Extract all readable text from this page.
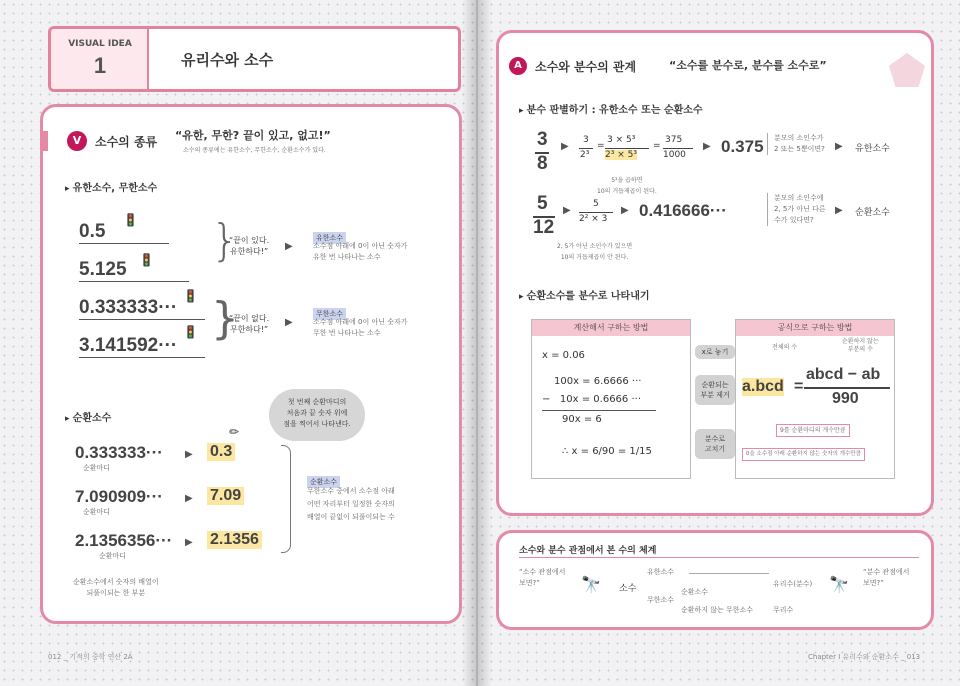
VISUAL IDEA
1	유리수와 소수
V	소수의 종류 “유한, 무한? 끝이 있고, 없고!”
소수의 종류에는 유한소수, 무한소수, 순환소수가 있다.
▸ 유한소수, 무한소수
0.5
5.125
🚦
🚦 }
“끝이 있다.
유한하다!” ▶
유한소수
소수점 아래에 0이 아닌 숫자가
유한 번 나타나는 소수
0.333333···
3.141592···
🚦
🚦 }
“끝이 없다.
무한하다!”
▶
무한소수
소수점 아래에 0이 아닌 숫자가
무한 번 나타나는 소수
▸ 순환소수
첫 번째 순환마디의
처음과 끝 숫자 위에
점을 찍어서 나타낸다.
✏
0.333333···
순환마디
7.090909···
순환마디
2.1356356···
순환마디
순환소수에서 숫자의 배열이
되풀이되는 한 부분
▶
▶
▶
0.3
7.09
2.1356
순환소수
무한소수 중에서 소수점 아래
어떤 자리부터 일정한 숫자의
배열이 끝없이 되풀이되는 수
012 _ 기적의 중학 연산 2A
A	소수와 분수의 관계	“소수를 분수로, 분수를 소수로”
▸ 분수 판별하기 : 유한소수 또는 순환소수
3
8
▶
3
2³
=
3 × 5³
2³ × 5³
=
375
1000
▶ 0.375	분모의 소인수가
2 또는 5뿐이면? ▶ 유한소수
5³을 곱하면
10의 거듭제곱이 된다.
5
12
▶
5
2² × 3
▶ 0.416666···
분모의 소인수에
2, 5가 아닌 다른
수가 있다면?
▶ 순환소수
2, 5가 아닌 소인수가 있으면
10의 거듭제곱이 안 된다.
▸ 순환소수를 분수로 나타내기
계산해서 구하는 방법
x = 0.06
100x = 6.6666 ···
−   10x = 0.6666 ···
90x = 6
∴ x = 6/90 = 1/15
x로 놓기
순환되는
부분 제거
분수로
고치기
공식으로 구하는 방법
전체의 수
순환하지 않는
부분의 수
a.bcd =
abcd − ab
990
9를 순환마디의 개수만큼
0을 소수점 아래 순환하지 않는 숫자의 개수만큼
소수와 분수 관점에서 본 수의 체계
“소수 관점에서
보면?”	🔭 소수
유한소수
무한소수
순환소수
순환하지 않는 무한소수
유리수(분수)
무리수
🔭
“분수 관점에서
보면?”
Chapter Ⅰ 유리수와 순환소수 _ 013
